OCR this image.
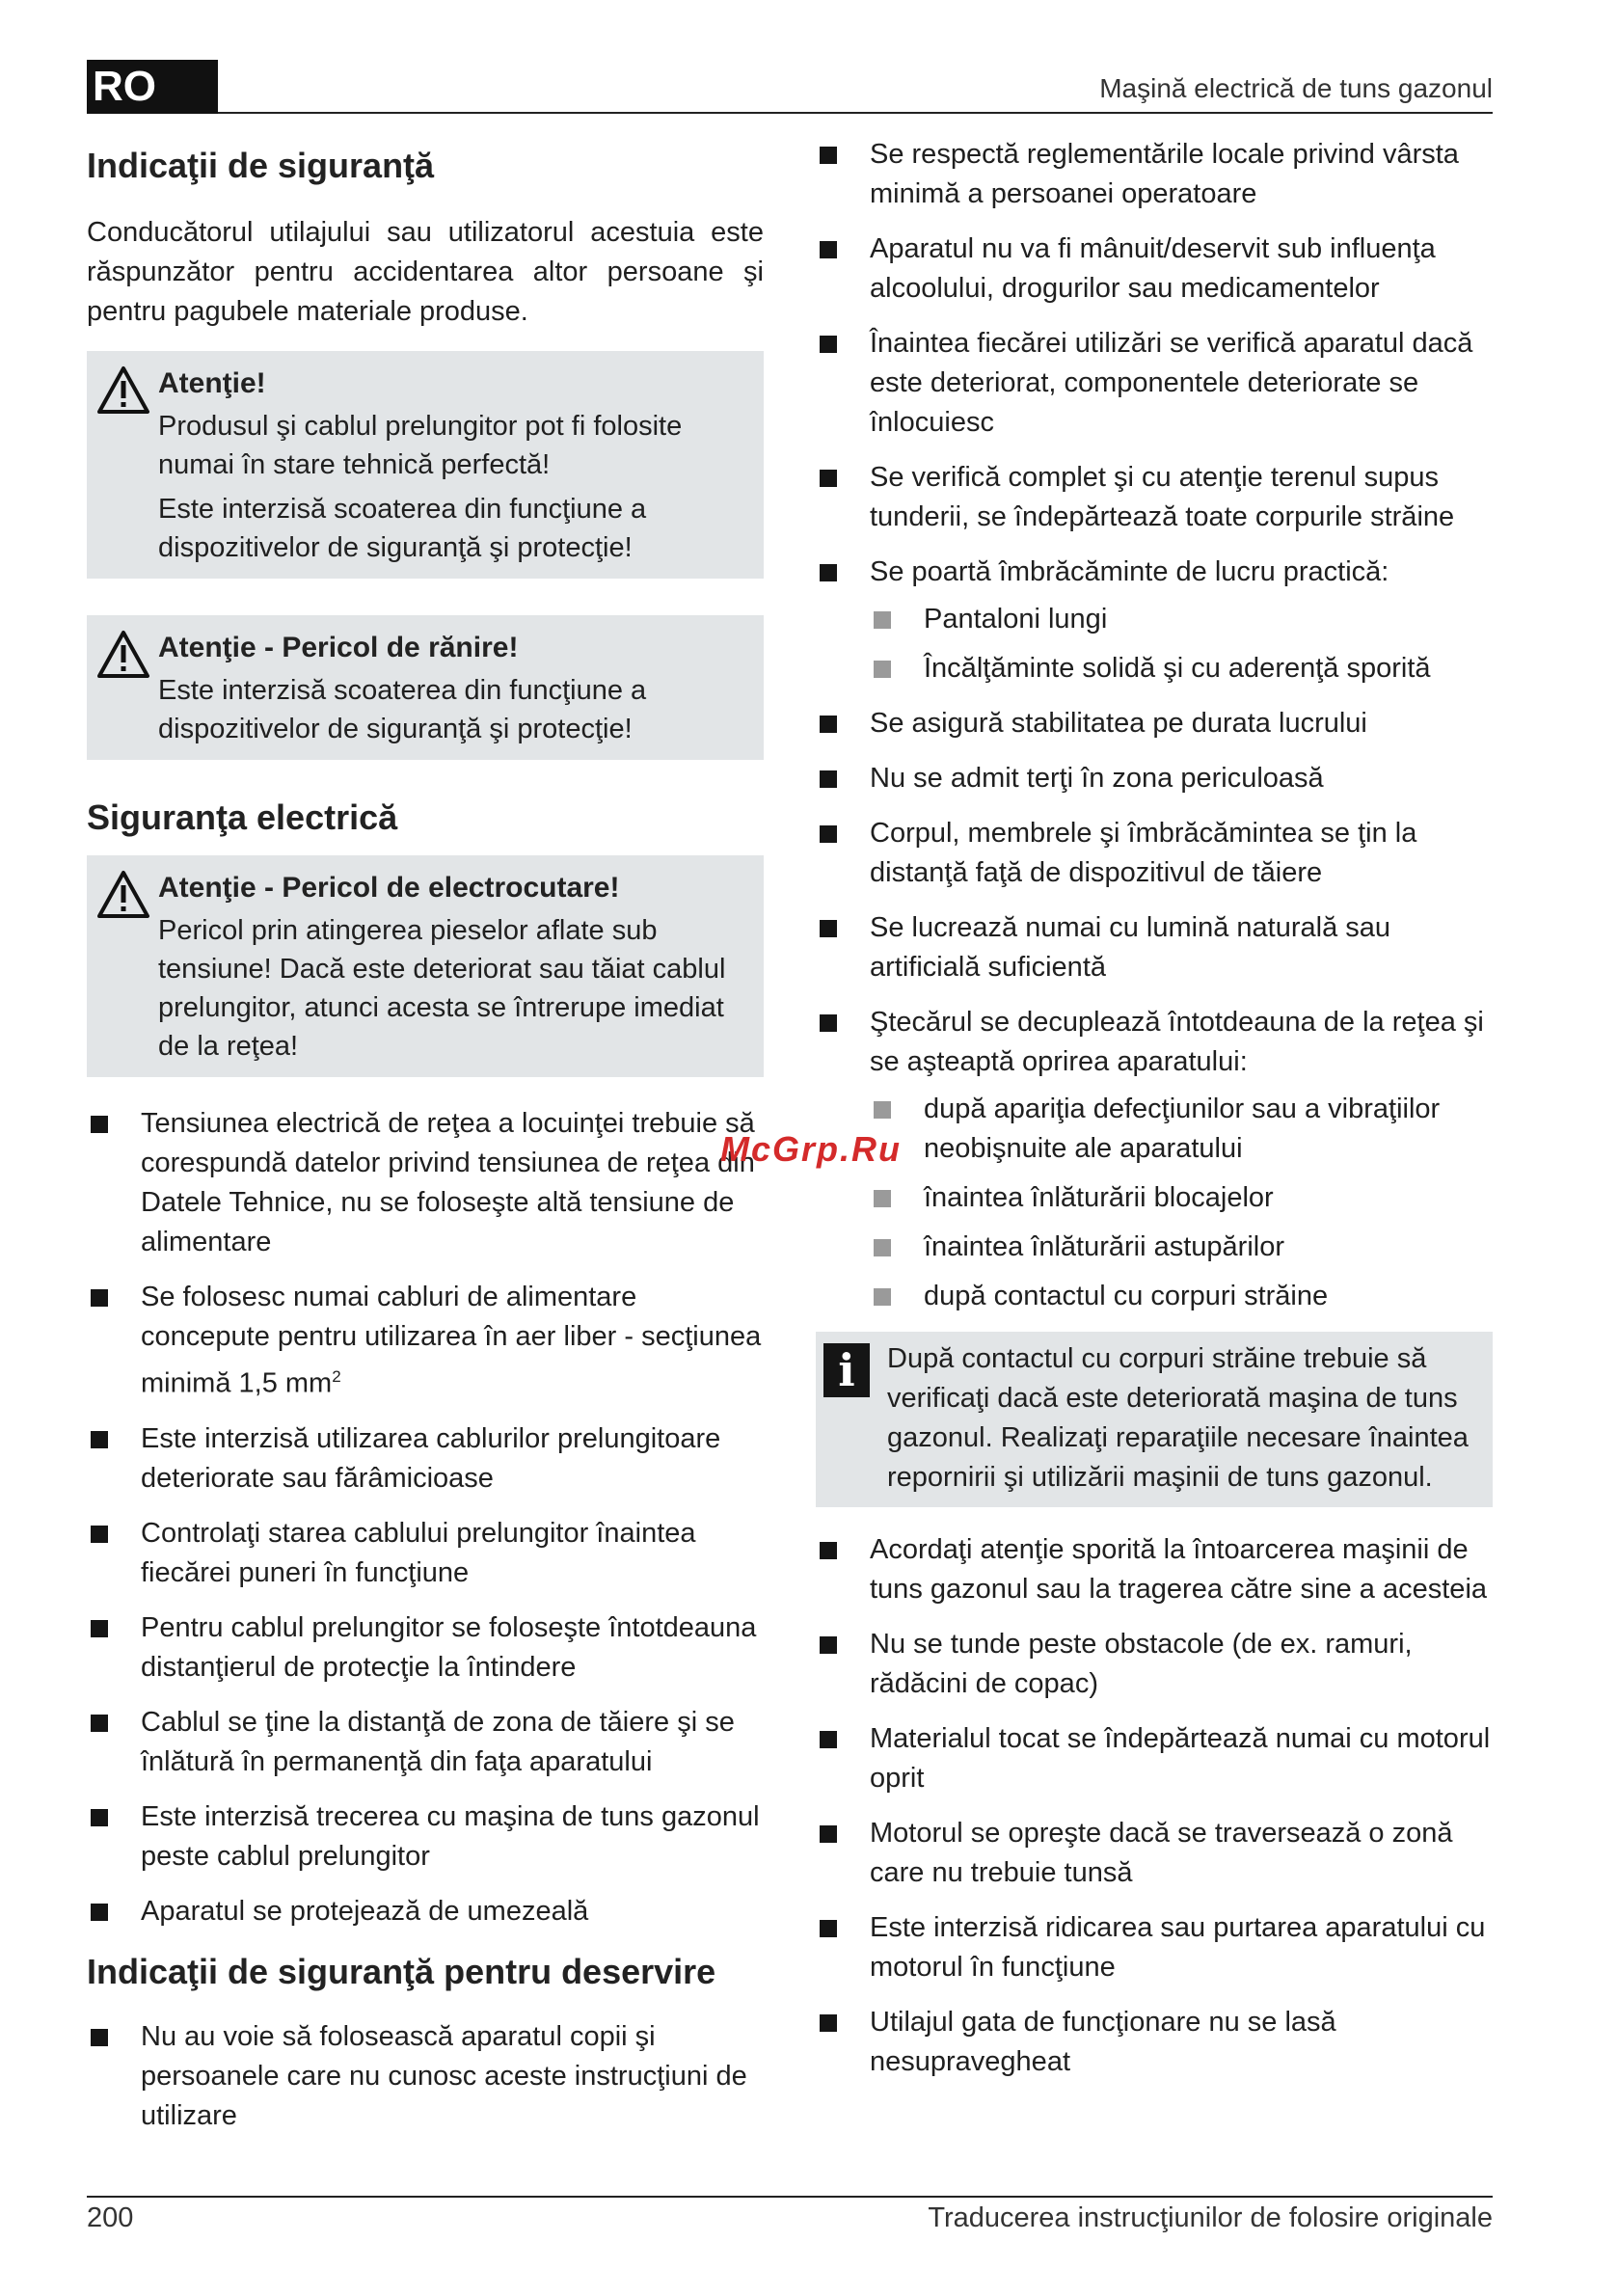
RO	Maşină electrică de tuns gazonul
Indicaţii de siguranţă

Conducătorul utilajului sau utilizatorul acestuia este răspunzător pentru accidentarea altor persoane şi pentru pagubele materiale produse.

Atenţie!
Produsul şi cablul prelungitor pot fi folosite numai în stare tehnică perfectă!
Este interzisă scoaterea din funcţiune a dispozitivelor de siguranţă şi protecţie!
Atenţie - Pericol de rănire!
Este interzisă scoaterea din funcţiune a dispozitivelor de siguranţă şi protecţie!
Siguranţa electrică
Atenţie - Pericol de electrocutare!
Pericol prin atingerea pieselor aflate sub tensiune! Dacă este deteriorat sau tăiat cablul prelungitor, atunci acesta se întrerupe imediat de la reţea!
Tensiunea electrică de reţea a locuinţei trebuie să corespundă datelor privind tensiunea de reţea din Datele Tehnice, nu se foloseşte altă tensiune de alimentare
Se folosesc numai cabluri de alimentare concepute pentru utilizarea în aer liber - secţiunea minimă 1,5 $mm^2$
Este interzisă utilizarea cablurilor prelungitoare deteriorate sau fărâmicioase
Controlaţi starea cablului prelungitor înaintea fiecărei puneri în funcţiune
Pentru cablul prelungitor se foloseşte întotdeauna distanţierul de protecţie la întindere
Cablul se ţine la distanţă de zona de tăiere şi se înlătură în permanenţă din faţa aparatului
Este interzisă trecerea cu maşina de tuns gazonul peste cablul prelungitor
Aparatul se protejează de umezeală
Indicaţii de siguranţă pentru deservire
Nu au voie să folosească aparatul copii şi persoanele care nu cunosc aceste instrucţiuni de utilizare
Se respectă reglementările locale privind vârsta minimă a persoanei operatoare
Aparatul nu va fi mânuit/deservit sub influenţa alcoolului, drogurilor sau medicamentelor
Înaintea fiecărei utilizări se verifică aparatul dacă este deteriorat, componentele deteriorate se înlocuiesc
Se verifică complet şi cu atenţie terenul supus tunderii, se îndepărtează toate corpurile străine
Se poartă îmbrăcăminte de lucru practică:
Pantaloni lungi
Încălţăminte solidă şi cu aderenţă sporită
Se asigură stabilitatea pe durata lucrului
Nu se admit terţi în zona periculoasă
Corpul, membrele şi îmbrăcămintea se ţin la distanţă faţă de dispozitivul de tăiere
Se lucrează numai cu lumină naturală sau artificială suficientă
Ştecărul se decuplează întotdeauna de la reţea şi se aşteaptă oprirea aparatului:
după apariţia defecţiunilor sau a vibraţiilor neobişnuite ale aparatului
înaintea înlăturării blocajelor
înaintea înlăturării astupărilor
după contactul cu corpuri străine
i	După contactul cu corpuri străine trebuie să verificaţi dacă este deteriorată maşina de tuns gazonul. Realizaţi reparaţiile necesare înaintea repornirii şi utilizării maşinii de tuns gazonul.
Acordaţi atenţie sporită la întoarcerea maşinii de tuns gazonul sau la tragerea către sine a acesteia
Nu se tunde peste obstacole (de ex. ramuri, rădăcini de copac)
Materialul tocat se îndepărtează numai cu motorul oprit
Motorul se opreşte dacă se traversează o zonă care nu trebuie tunsă
Este interzisă ridicarea sau purtarea aparatului cu motorul în funcţiune
Utilajul gata de funcţionare nu se lasă nesupravegheat
McGrp.Ru
200	Traducerea instrucţiunilor de folosire originale
